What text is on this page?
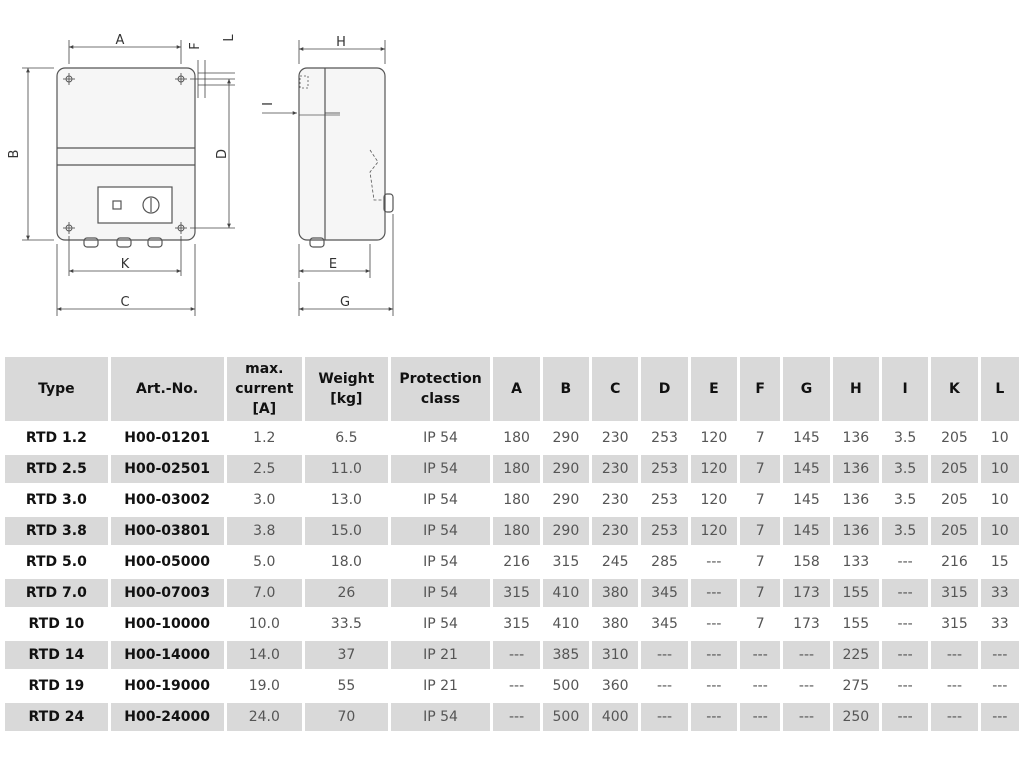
A
B	D
F
L
K
C
H
I
E
G
Type	Art.-No.	max.
current
[A]	Weight
[kg]	Protection
class	A	B	C	D	E	F	G	H	I	K	L
RTD 1.2	H00-01201	1.2	6.5	IP 54	180	290	230	253	120	7	145	136	3.5	205	10
RTD 2.5	H00-02501	2.5	11.0	IP 54	180	290	230	253	120	7	145	136	3.5	205	10
RTD 3.0	H00-03002	3.0	13.0	IP 54	180	290	230	253	120	7	145	136	3.5	205	10
RTD 3.8	H00-03801	3.8	15.0	IP 54	180	290	230	253	120	7	145	136	3.5	205	10
RTD 5.0	H00-05000	5.0	18.0	IP 54	216	315	245	285	---	7	158	133	---	216	15
RTD 7.0	H00-07003	7.0	26	IP 54	315	410	380	345	---	7	173	155	---	315	33
RTD 10	H00-10000	10.0	33.5	IP 54	315	410	380	345	---	7	173	155	---	315	33
RTD 14	H00-14000	14.0	37	IP 21	---	385	310	---	---	---	---	225	---	---	---
RTD 19	H00-19000	19.0	55	IP 21	---	500	360	---	---	---	---	275	---	---	---
RTD 24	H00-24000	24.0	70	IP 54	---	500	400	---	---	---	---	250	---	---	---
